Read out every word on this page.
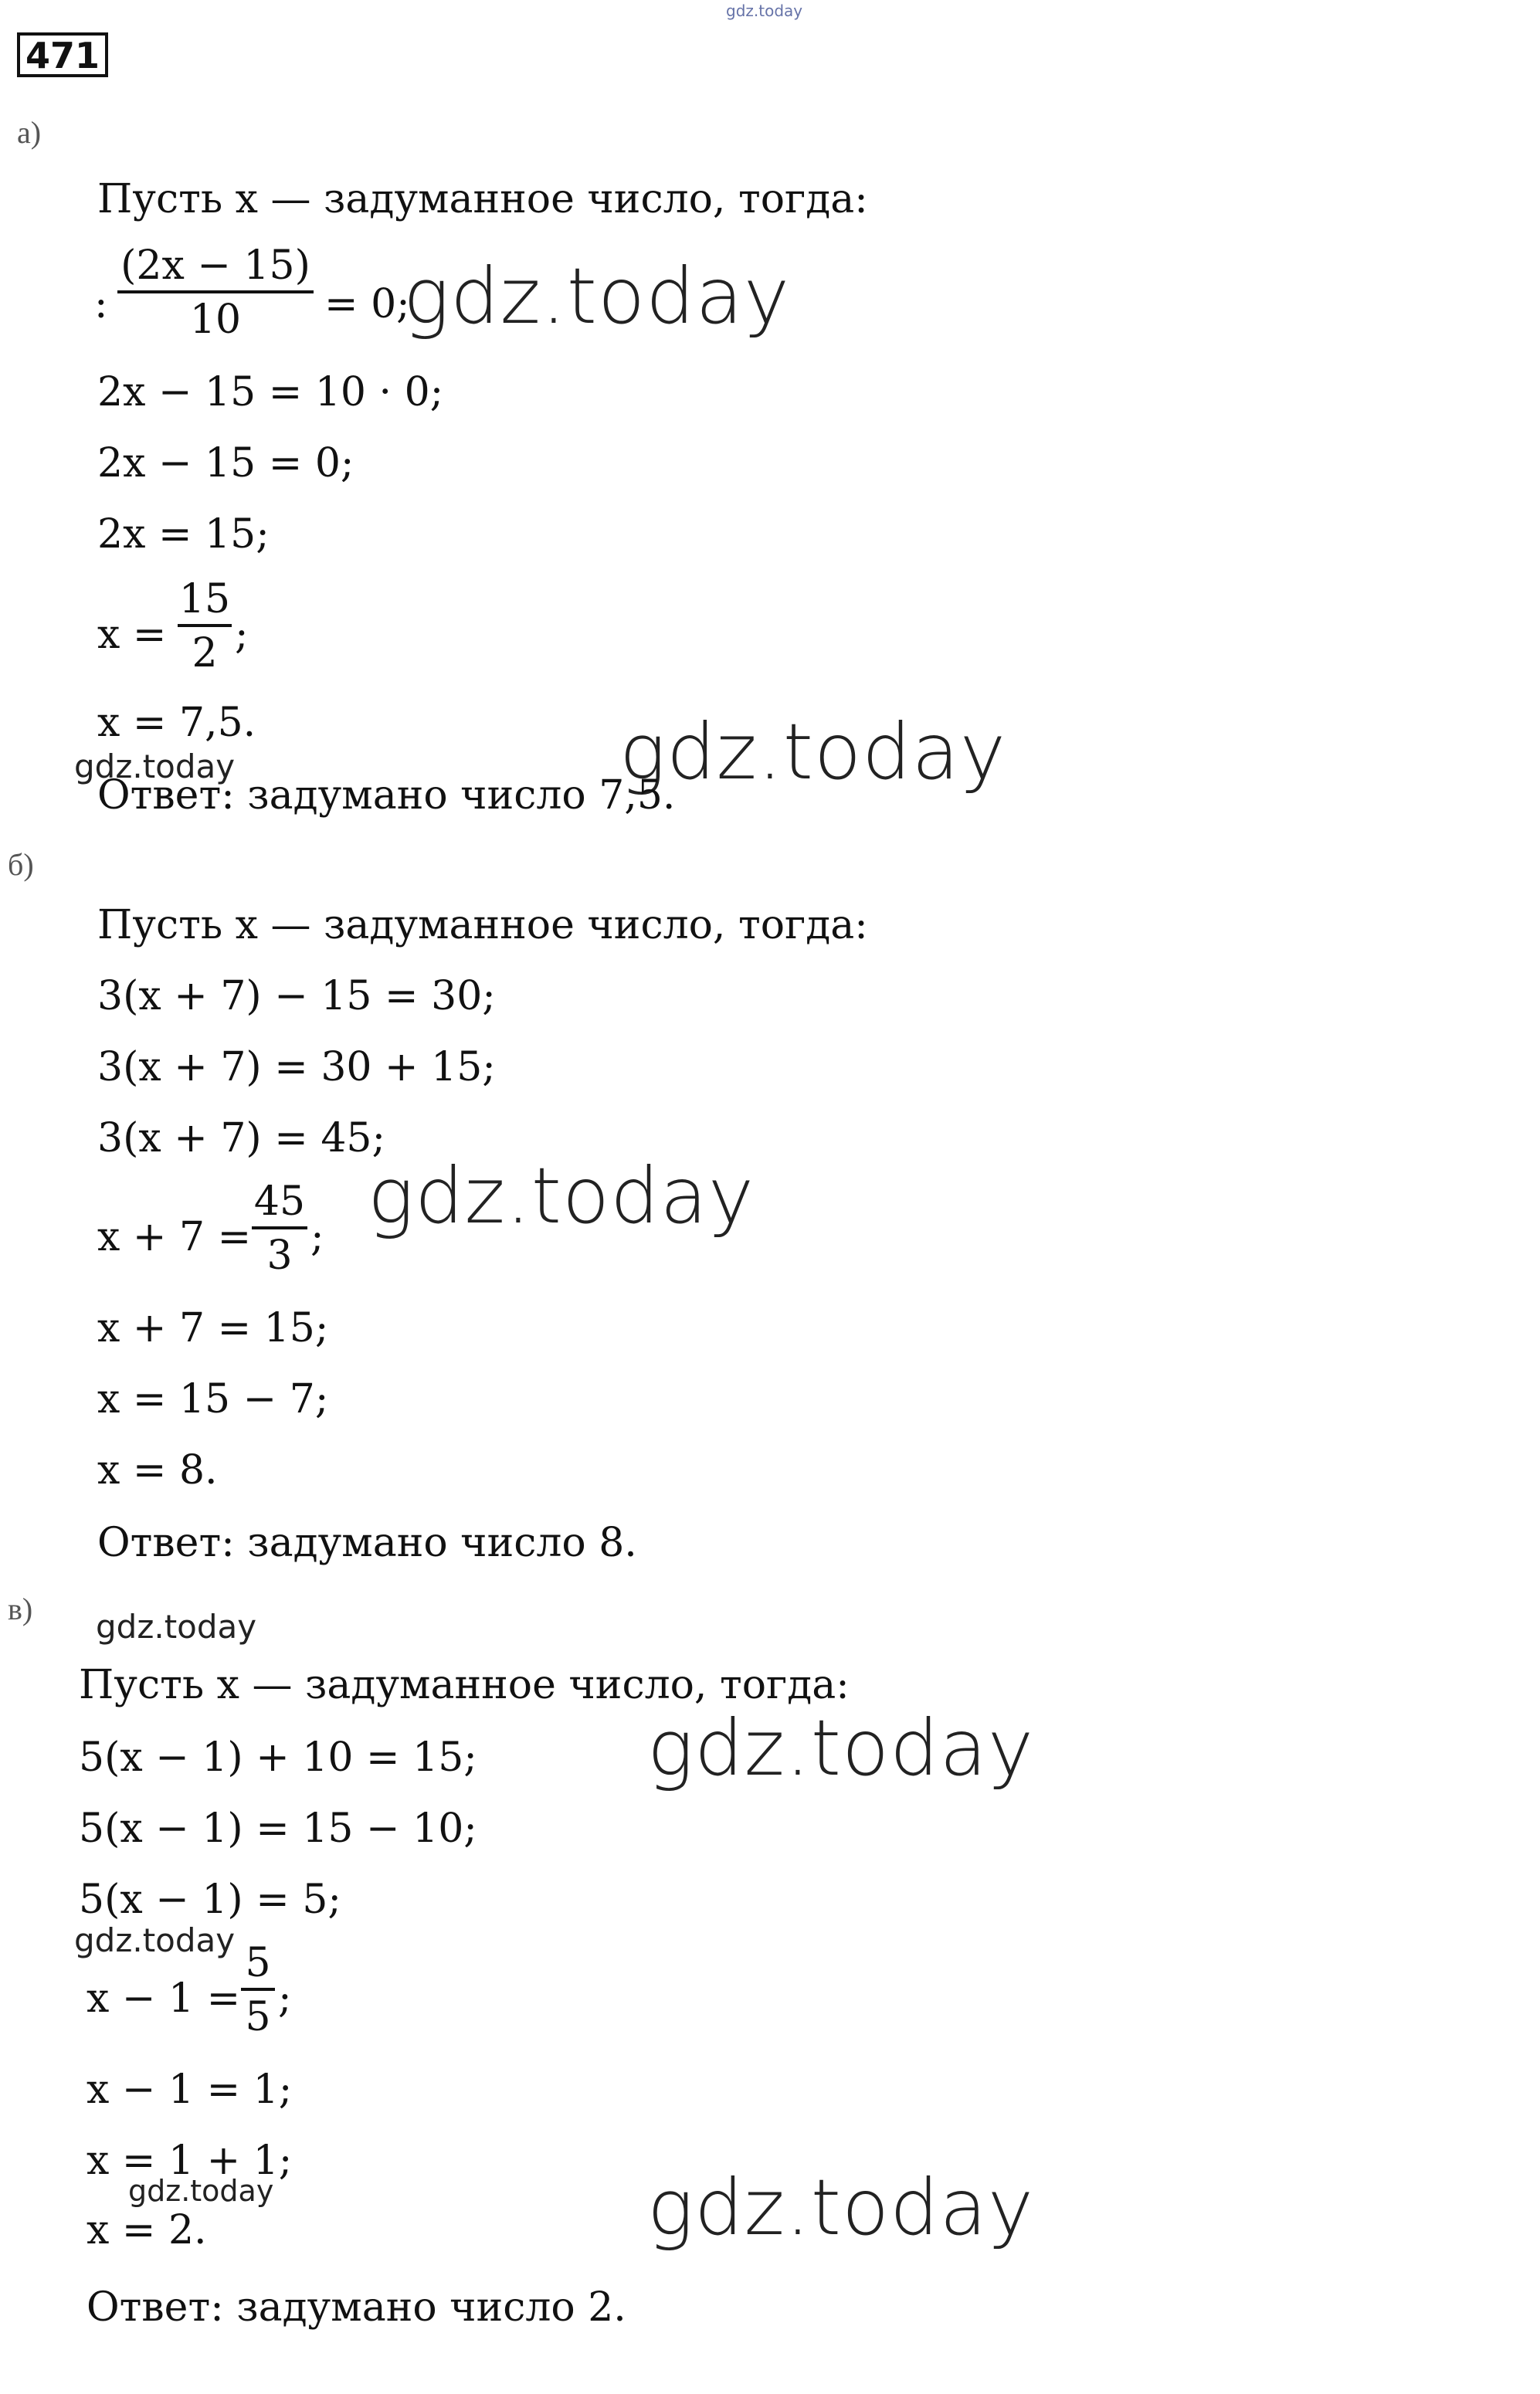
gdz.today
471
а)
Пусть x — задуманное число, тогда:
:
(2x − 15)
10	= 0;
gdz.today
2x − 15 = 10 · 0;
2x − 15 = 0;
2x = 15;
x =
15
2 ;
x = 7,5.	gdz.today
gdz.today
Ответ: задумано число 7,5.
б)
Пусть x — задуманное число, тогда:
3(x + 7) − 15 = 30;
3(x + 7) = 30 + 15;
3(x + 7) = 45;
gdz.today
x + 7 =
45
3 ;
x + 7 = 15;
x = 15 − 7;
x = 8.
Ответ: задумано число 8.
в) gdz.today
Пусть x — задуманное число, тогда:
5(x − 1) + 10 = 15; gdz.today
5(x − 1) = 15 − 10;
5(x − 1) = 5;
gdz.today
x − 1 =
5
5 ;
x − 1 = 1;
x = 1 + 1;
gdz.today	gdz.today
x = 2.
Ответ: задумано число 2.
